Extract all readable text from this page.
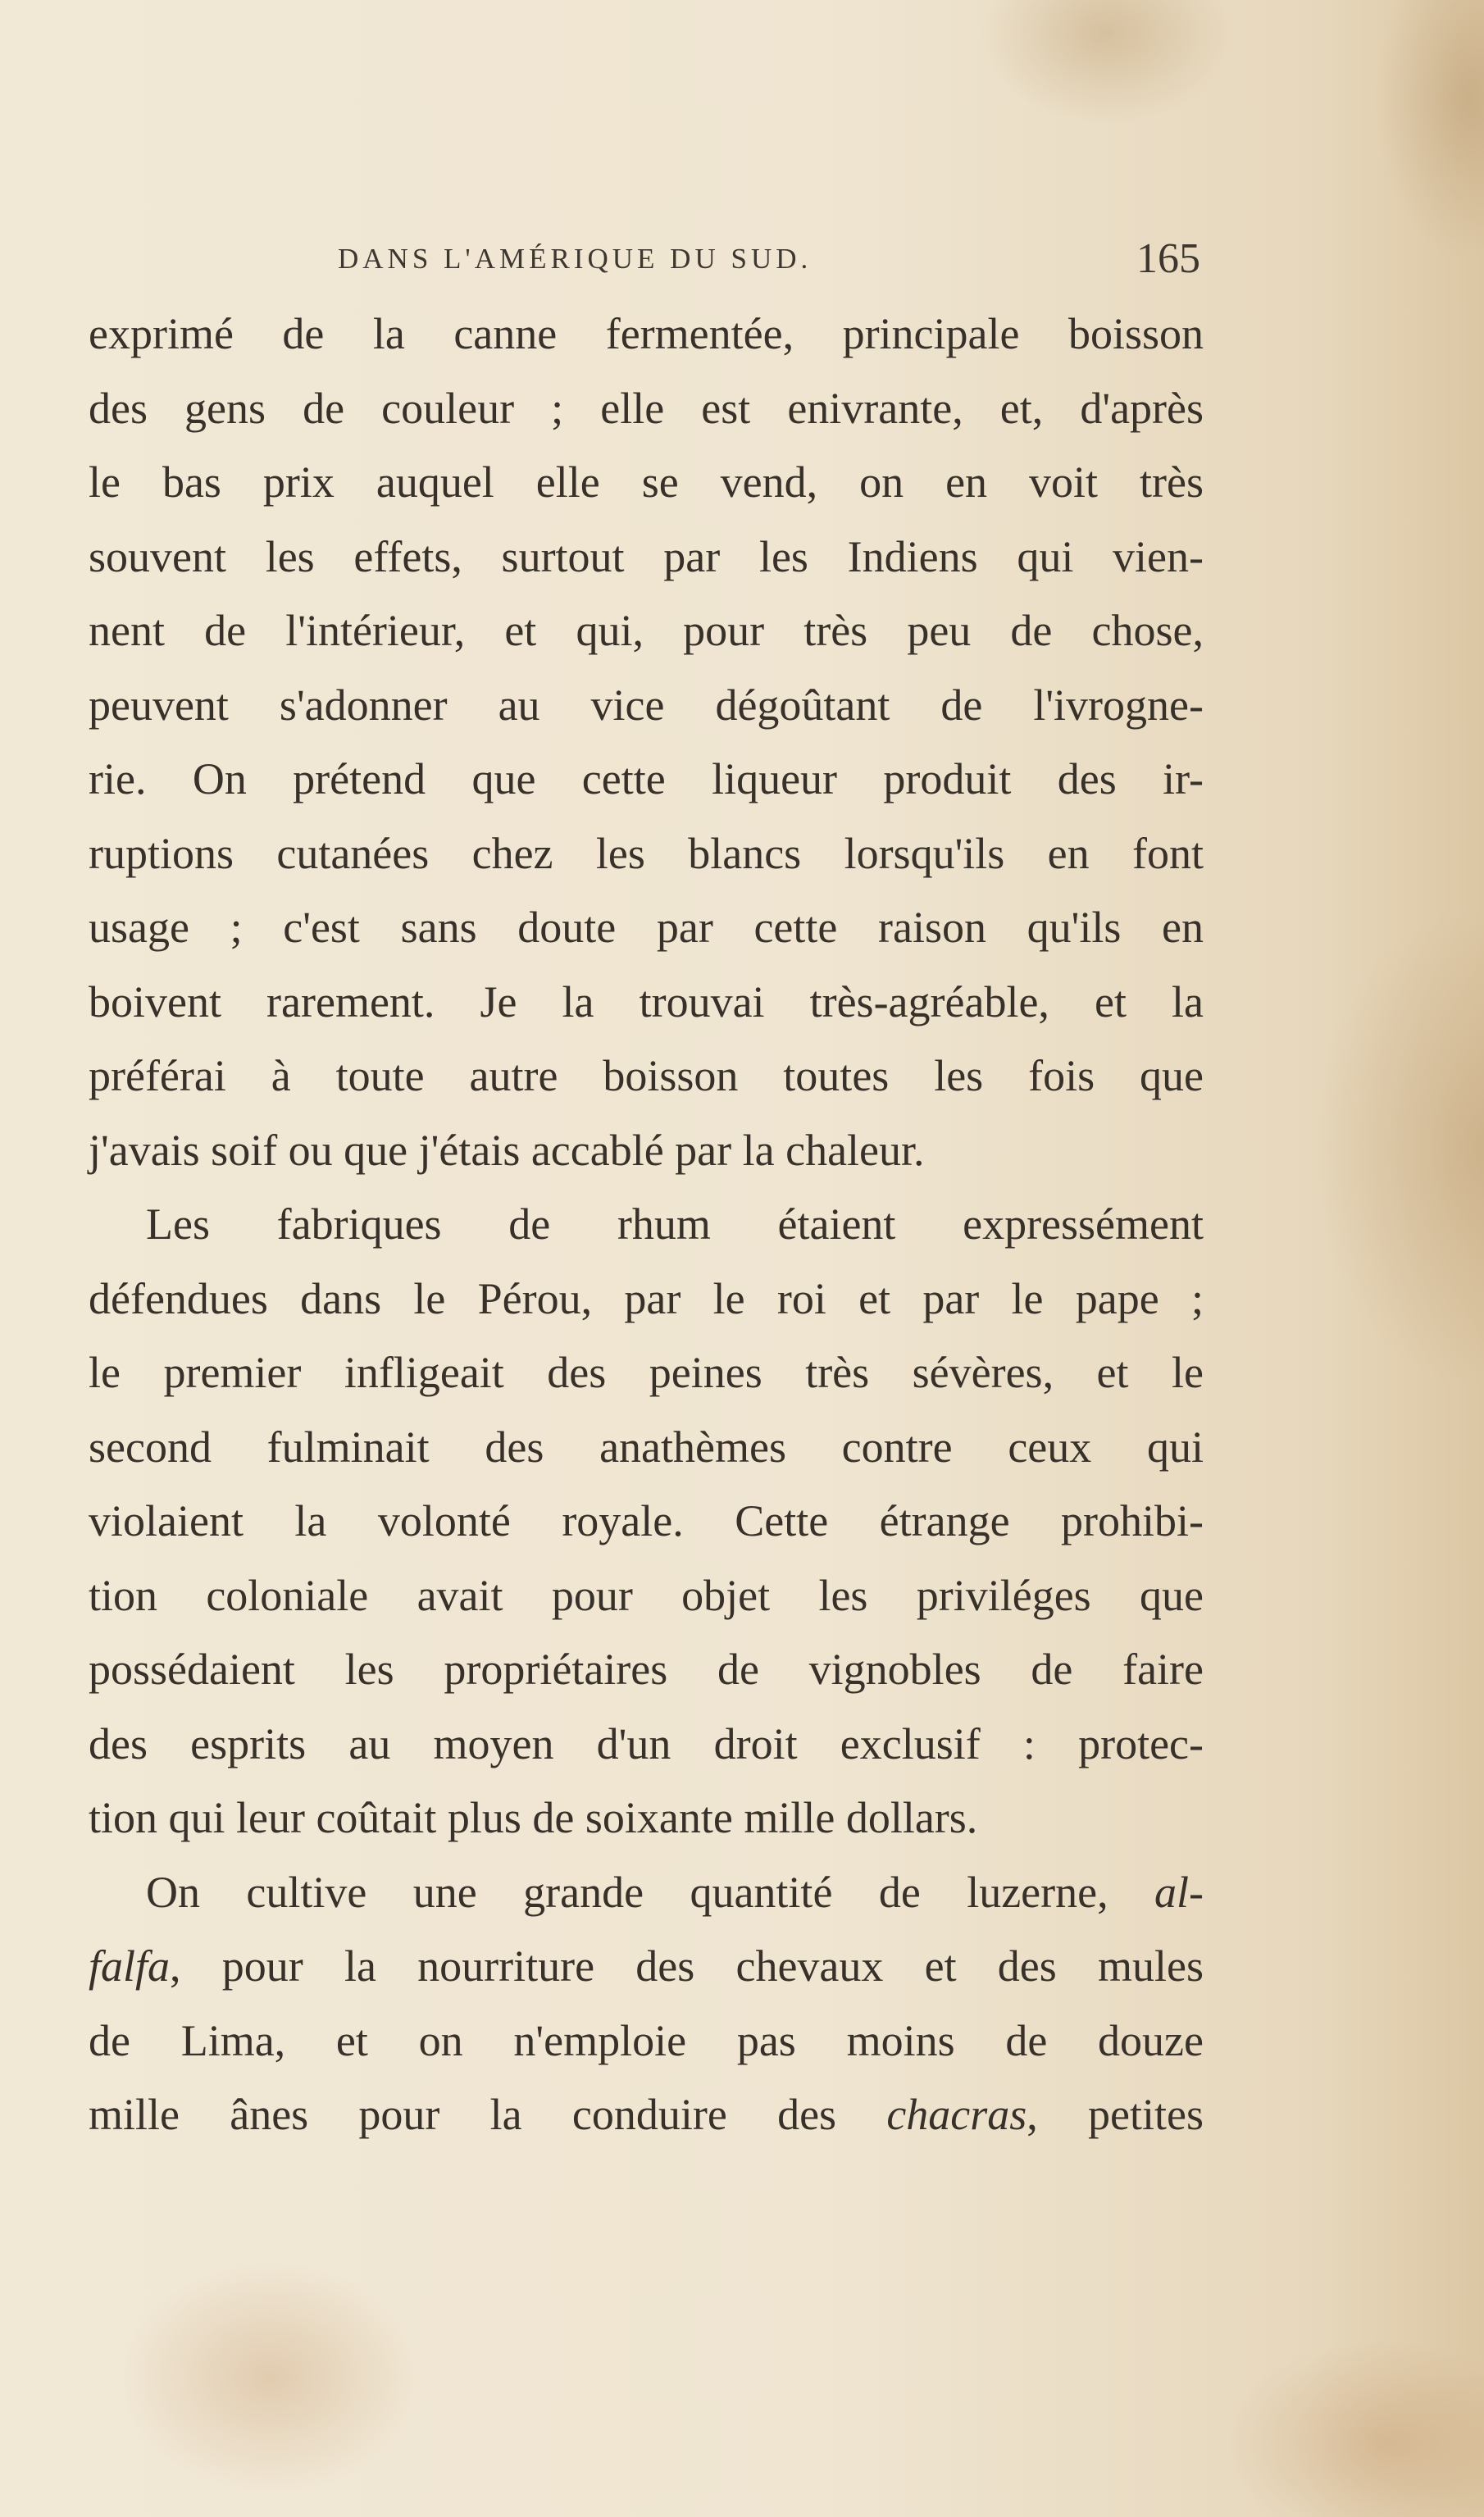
DANS L'AMÉRIQUE DU SUD.	165
exprimé de la canne fermentée, principale boisson
des gens de couleur ; elle est enivrante, et, d'après
le bas prix auquel elle se vend, on en voit très
souvent les effets, surtout par les Indiens qui vien-
nent de l'intérieur, et qui, pour très peu de chose,
peuvent s'adonner au vice dégoûtant de l'ivrogne-
rie. On prétend que cette liqueur produit des ir-
ruptions cutanées chez les blancs lorsqu'ils en font
usage ; c'est sans doute par cette raison qu'ils en
boivent rarement. Je la trouvai très-agréable, et la
préférai à toute autre boisson toutes les fois que
j'avais soif ou que j'étais accablé par la chaleur.
Les fabriques de rhum étaient expressément
défendues dans le Pérou, par le roi et par le pape ;
le premier infligeait des peines très sévères, et le
second fulminait des anathèmes contre ceux qui
violaient la volonté royale. Cette étrange prohibi-
tion coloniale avait pour objet les priviléges que
possédaient les propriétaires de vignobles de faire
des esprits au moyen d'un droit exclusif : protec-
tion qui leur coûtait plus de soixante mille dollars.
On cultive une grande quantité de luzerne, al-
falfa, pour la nourriture des chevaux et des mules
de Lima, et on n'emploie pas moins de douze
mille ânes pour la conduire des chacras, petites
